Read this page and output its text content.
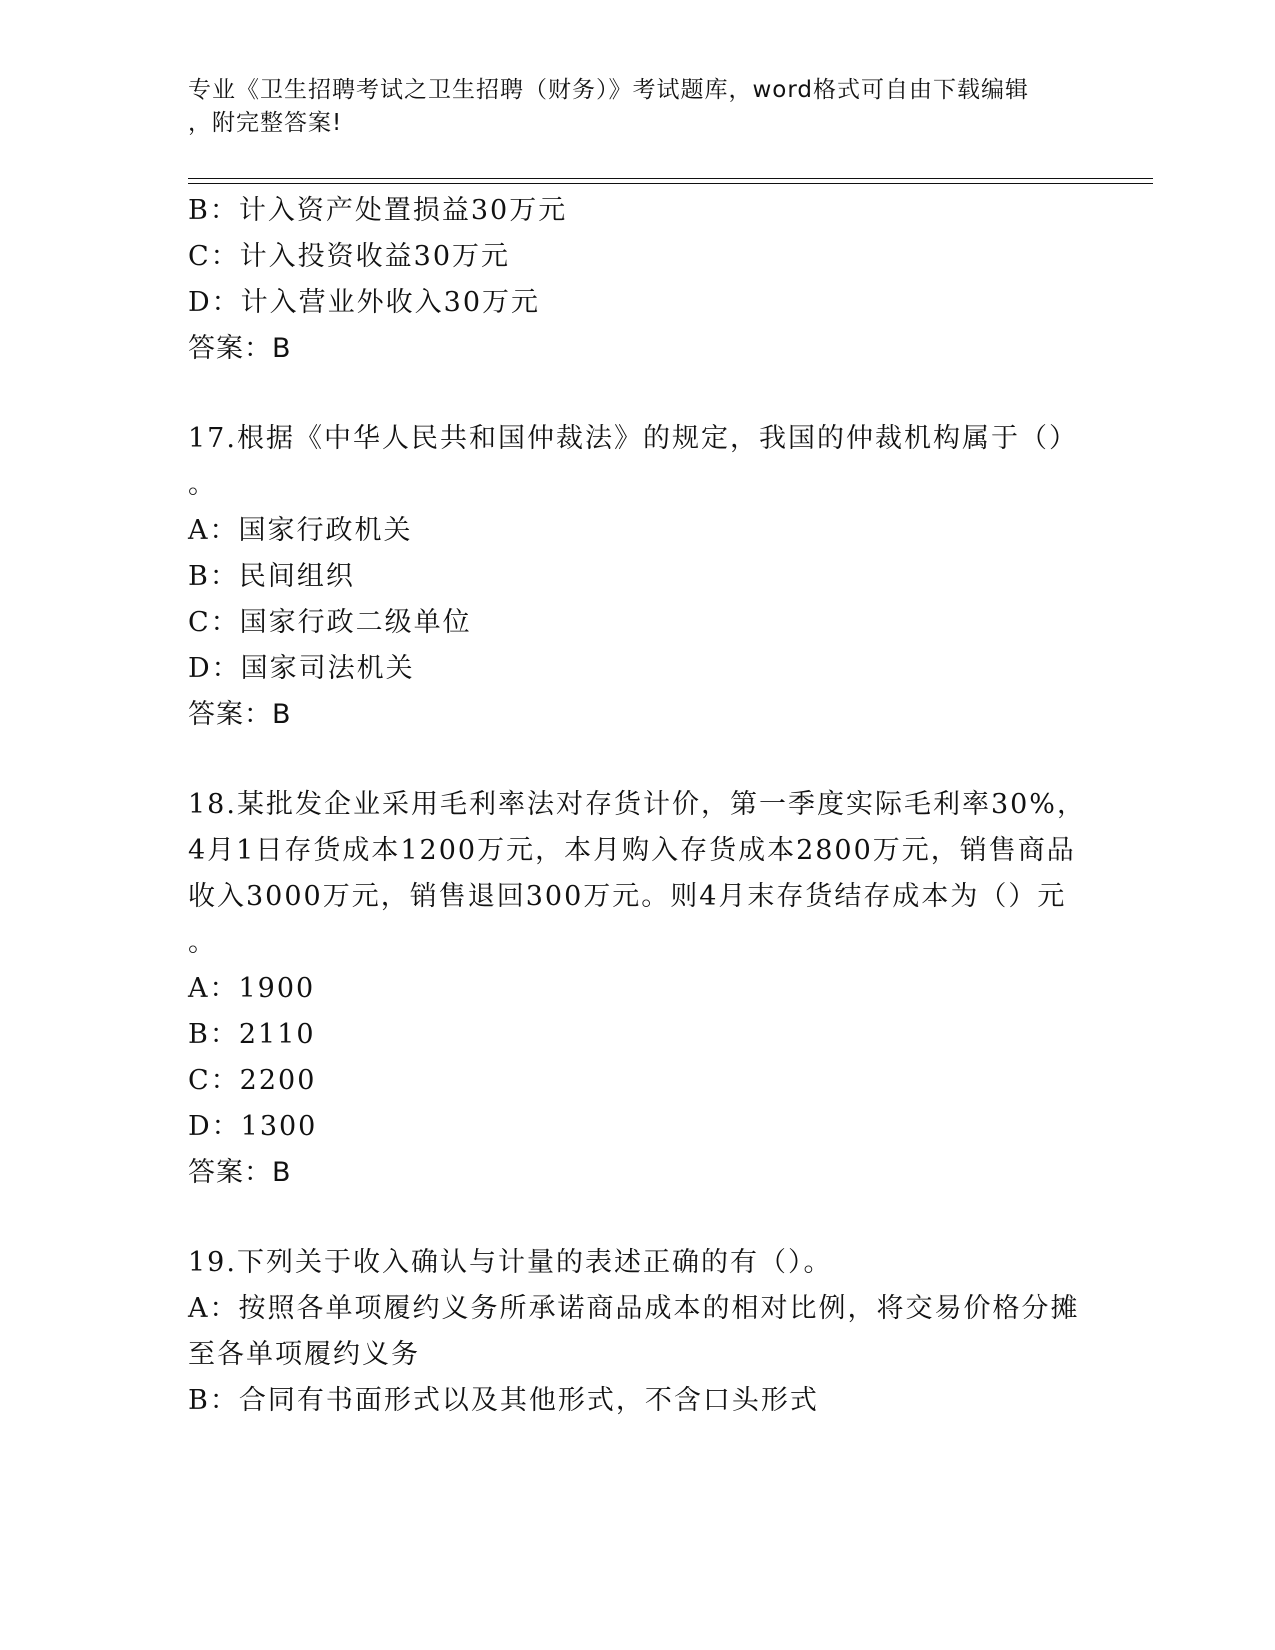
专业《卫生招聘考试之卫生招聘（财务）》考试题库，word格式可自由下载编辑
，附完整答案!
B：计入资产处置损益30万元
C：计入投资收益30万元
D：计入营业外收入30万元
答案：B
17.根据《中华人民共和国仲裁法》的规定，我国的仲裁机构属于（）
。
A：国家行政机关
B：民间组织
C：国家行政二级单位
D：国家司法机关
答案：B
18.某批发企业采用毛利率法对存货计价，第一季度实际毛利率30%，
4月1日存货成本1200万元，本月购入存货成本2800万元，销售商品
收入3000万元，销售退回300万元。则4月末存货结存成本为（）元
。
A：1900
B：2110
C：2200
D：1300
答案：B
19.下列关于收入确认与计量的表述正确的有（）。
A：按照各单项履约义务所承诺商品成本的相对比例，将交易价格分摊
至各单项履约义务
B：合同有书面形式以及其他形式，不含口头形式
